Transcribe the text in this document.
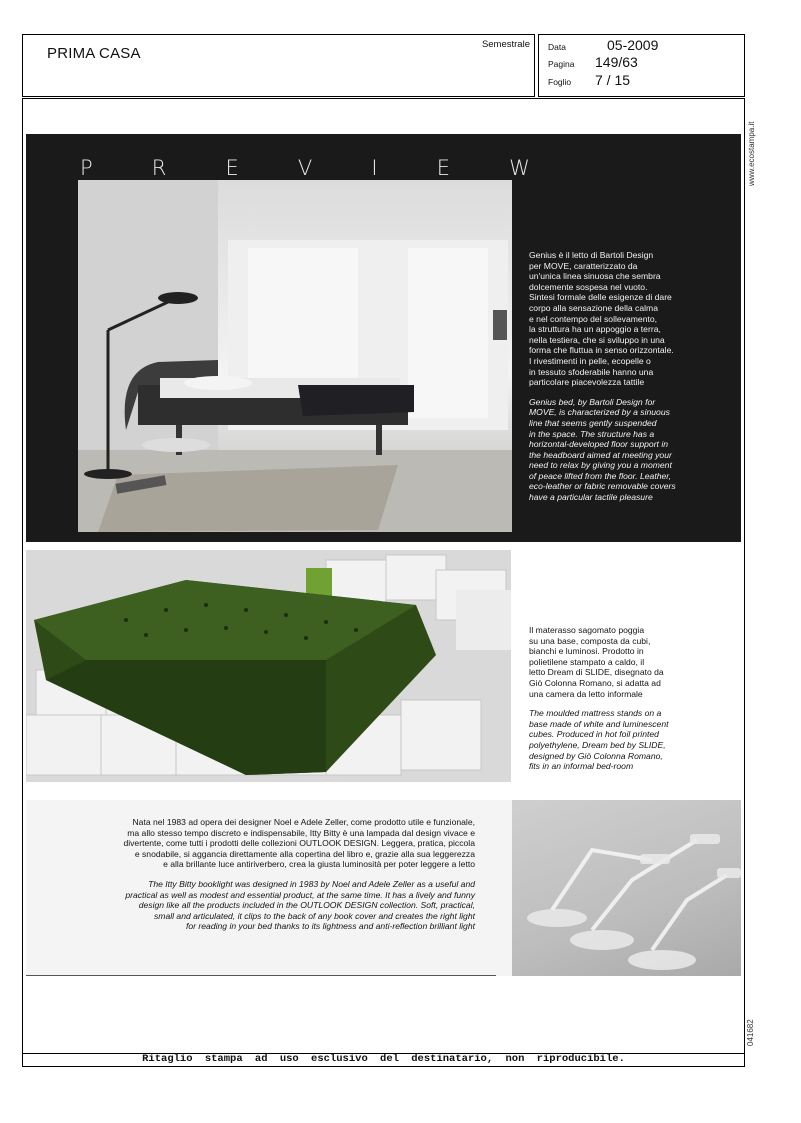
PRIMA CASA
Semestrale Data	05-2009
Pagina 149/63
Foglio 7 / 15
www.ecostampa.it
041682
P	R	E	V	I	E	W
Genius è il letto di Bartoli Design
per MOVE, caratterizzato da
un'unica linea sinuosa che sembra
dolcemente sospesa nel vuoto.
Sintesi formale delle esigenze di dare
corpo alla sensazione della calma
e nel contempo del sollevamento,
la struttura ha un appoggio a terra,
nella testiera, che si sviluppo in una
forma che fluttua in senso orizzontale.
I rivestimenti in pelle, ecopelle o
in tessuto sfoderabile hanno una
particolare piacevolezza tattile
Genius bed, by Bartoli Design for
MOVE, is characterized by a sinuous
line that seems gently suspended
in the space. The structure has a
horizontal-developed floor support in
the headboard aimed at meeting your
need to relax by giving you a moment
of peace lifted from the floor. Leather,
eco-leather or fabric removable covers
have a particular tactile pleasure
Il materasso sagomato poggia
su una base, composta da cubi,
bianchi e luminosi. Prodotto in
polietilene stampato a caldo, il
letto Dream di SLIDE, disegnato da
Giò Colonna Romano, si adatta ad
una camera da letto informale
The moulded mattress stands on a
base made of white and luminescent
cubes. Produced in hot foil printed
polyethylene, Dream bed by SLIDE,
designed by Giò Colonna Romano,
fits in an informal bed-room
Nata nel 1983 ad opera dei designer Noel e Adele Zeller, come prodotto utile e funzionale,
ma allo stesso tempo discreto e indispensabile, Itty Bitty è una lampada dal design vivace e
divertente, come tutti i prodotti delle collezioni OUTLOOK DESIGN. Leggera, pratica, piccola
e snodabile, si aggancia direttamente alla copertina del libro e, grazie alla sua leggerezza
e alla brillante luce antiriverbero, crea la giusta luminosità per poter leggere a letto
The Itty Bitty booklight was designed in 1983 by Noel and Adele Zeller as a useful and
practical as well as modest and essential product, at the same time. It has a lively and funny
design like all the products included in the OUTLOOK DESIGN collection. Soft, practical,
small and articulated, it clips to the back of any book cover and creates the right light
for reading in your bed thanks to its lightness and anti-reflection brilliant light
Ritaglio stampa ad uso esclusivo del destinatario, non riproducibile.
